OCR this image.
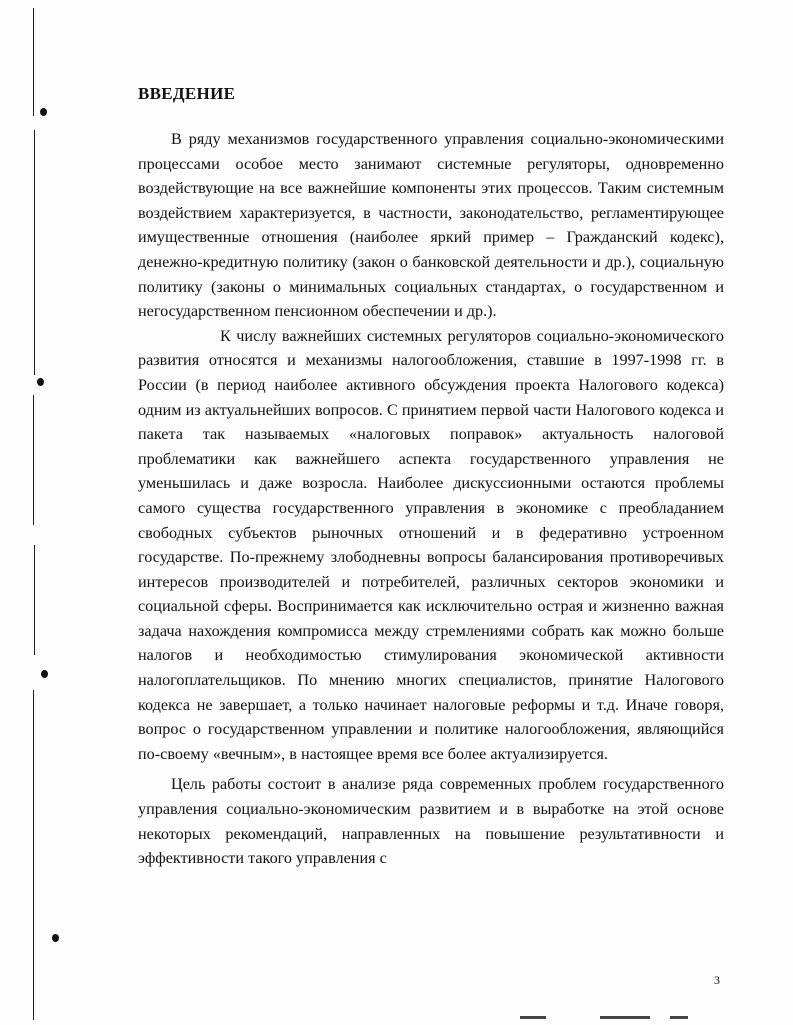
ВВЕДЕНИЕ

В ряду механизмов государственного управления социально-экономическими процессами особое место занимают системные регуляторы, одновременно воздействующие на все важнейшие компоненты этих процессов. Таким системным воздействием характеризуется, в частности, законодательство, регламентирующее имущественные отношения (наиболее яркий пример – Гражданский кодекс), денежно-кредитную политику (закон о банковской деятельности и др.), социальную политику (законы о минимальных социальных стандартах, о государственном и негосударственном пенсионном обеспечении и др.).

К числу важнейших системных регуляторов социально-экономического развития относятся и механизмы налогообложения, ставшие в 1997-1998 гг. в России (в период наиболее активного обсуждения проекта Налогового кодекса) одним из актуальнейших вопросов. С принятием первой части Налогового кодекса и пакета так называемых «налоговых поправок» актуальность налоговой проблематики как важнейшего аспекта государственного управления не уменьшилась и даже возросла. Наиболее дискуссионными остаются проблемы самого существа государственного управления в экономике с преобладанием свободных субъектов рыночных отношений и в федеративно устроенном государстве. По-прежнему злободневны вопросы балансирования противоречивых интересов производителей и потребителей, различных секторов экономики и социальной сферы. Воспринимается как исключительно острая и жизненно важная задача нахождения компромисса между стремлениями собрать как можно больше налогов и необходимостью стимулирования экономической активности налогоплательщиков. По мнению многих специалистов, принятие Налогового кодекса не завершает, а только начинает налоговые реформы и т.д. Иначе говоря, вопрос о государственном управлении и политике налогообложения, являющийся по-своему «вечным», в настоящее время все более актуализируется.

Цель работы состоит в анализе ряда современных проблем государственного управления социально-экономическим развитием и в выработке на этой основе некоторых рекомендаций, направленных на повышение результативности и эффективности такого управления с

3
